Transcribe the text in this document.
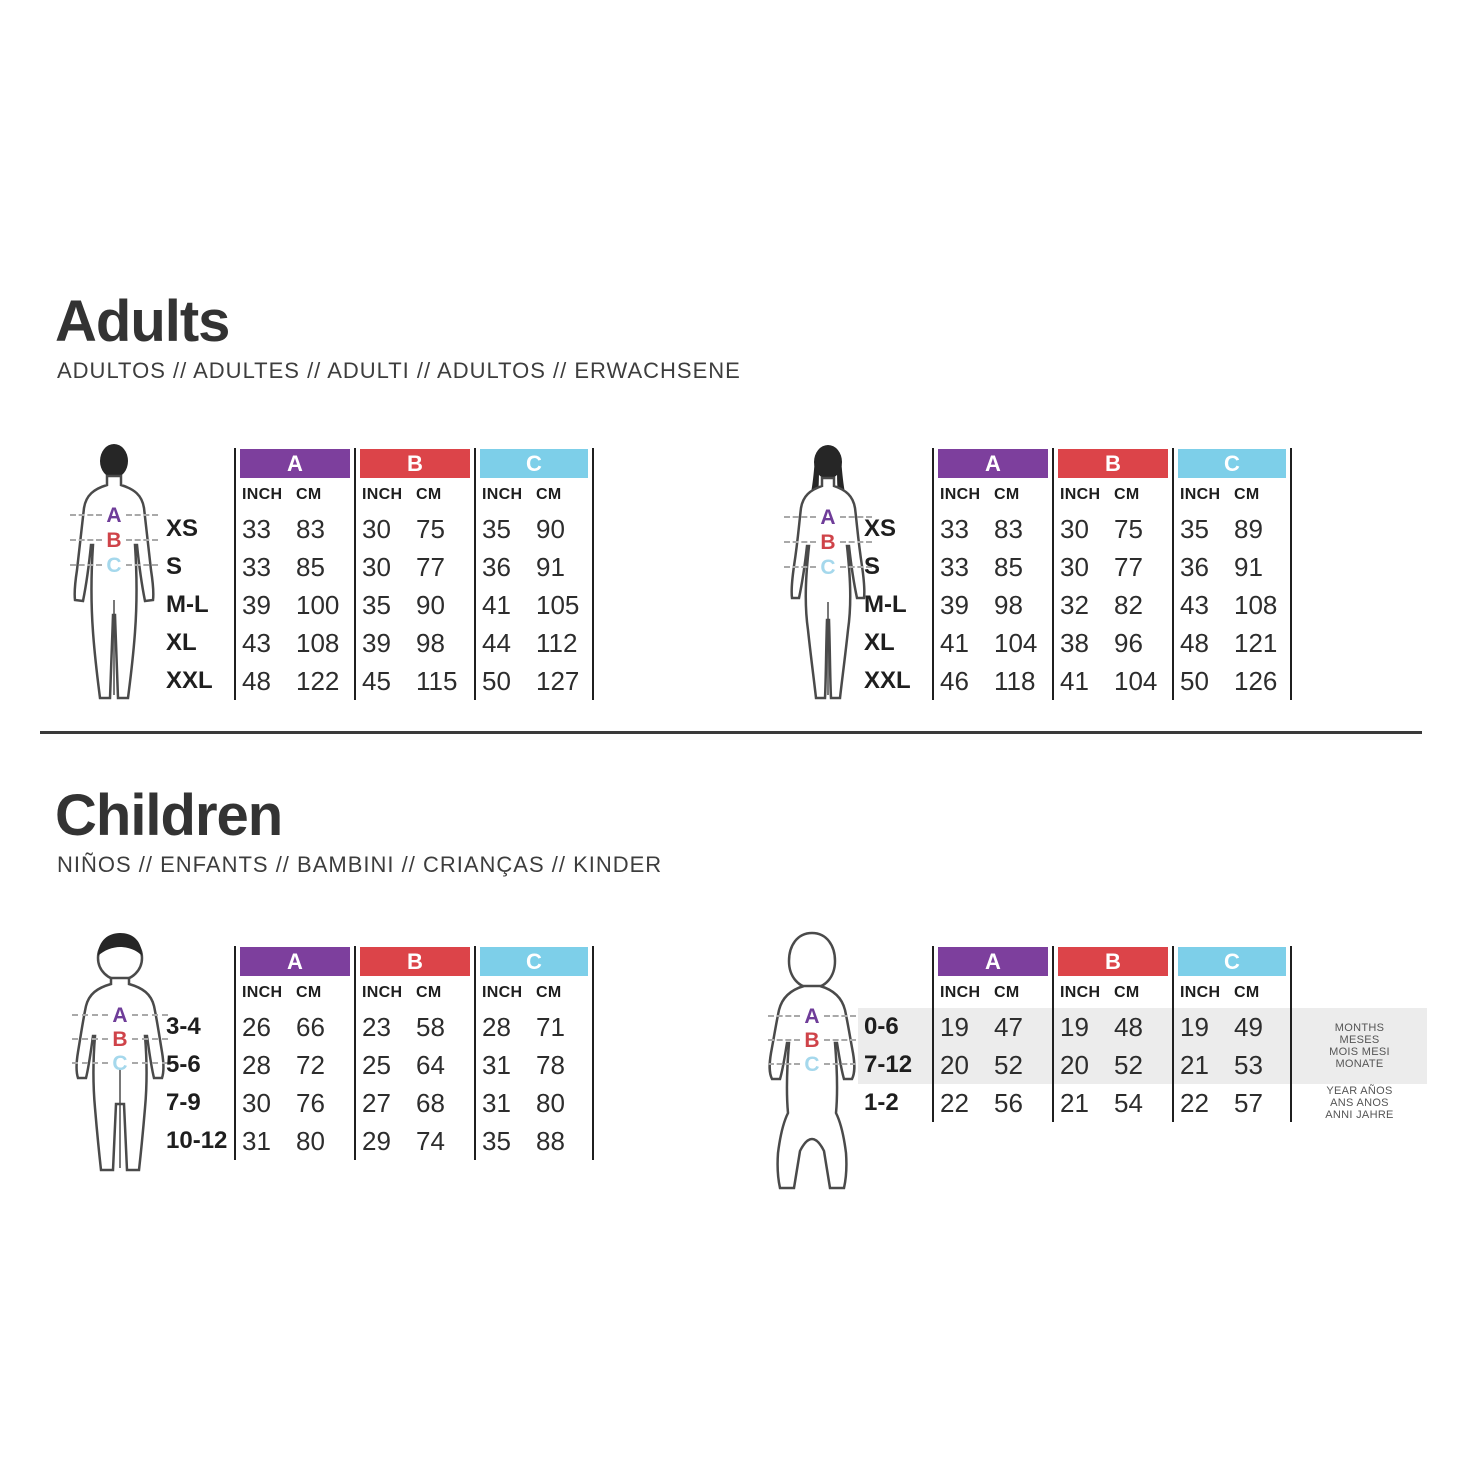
Adults
ADULTOS // ADULTES // ADULTI // ADULTOS // ERWACHSENE
A
B
C
XS
S
M-L
XL
XXL
A
INCH CM
33 83
33 85
39 100
43 108
48 122
B
INCH CM
30 75
30 77
35 90
39 98
45 115
C
INCH CM
35 90
36 91
41 105
44 112
50 127
A
B
C
XS
S
M-L
XL
XXL
A
INCH CM
33 83
33 85
39 98
41 104
46 118
B
INCH CM
30 75
30 77
32 82
38 96
41 104
C
INCH CM
35 89
36 91
43 108
48 121
50 126
Children
NIÑOS // ENFANTS // BAMBINI // CRIANÇAS // KINDER
A
B
C
3-4
5-6
7-9
10-12
A
INCH CM
26 66
28 72
30 76
31 80
B
INCH CM
23 58
25 64
27 68
29 74
C
INCH CM
28 71
31 78
31 80
35 88
A
B
C
0-6
7-12
1-2
A
INCH CM
19 47
20 52
22 56
B
INCH CM
19 48
20 52
21 54
C
INCH CM
19 49
21 53
22 57
MONTHS
MESES
MOIS MESI
MONATE
YEAR AÑOS
ANS ANOS
ANNI JAHRE
